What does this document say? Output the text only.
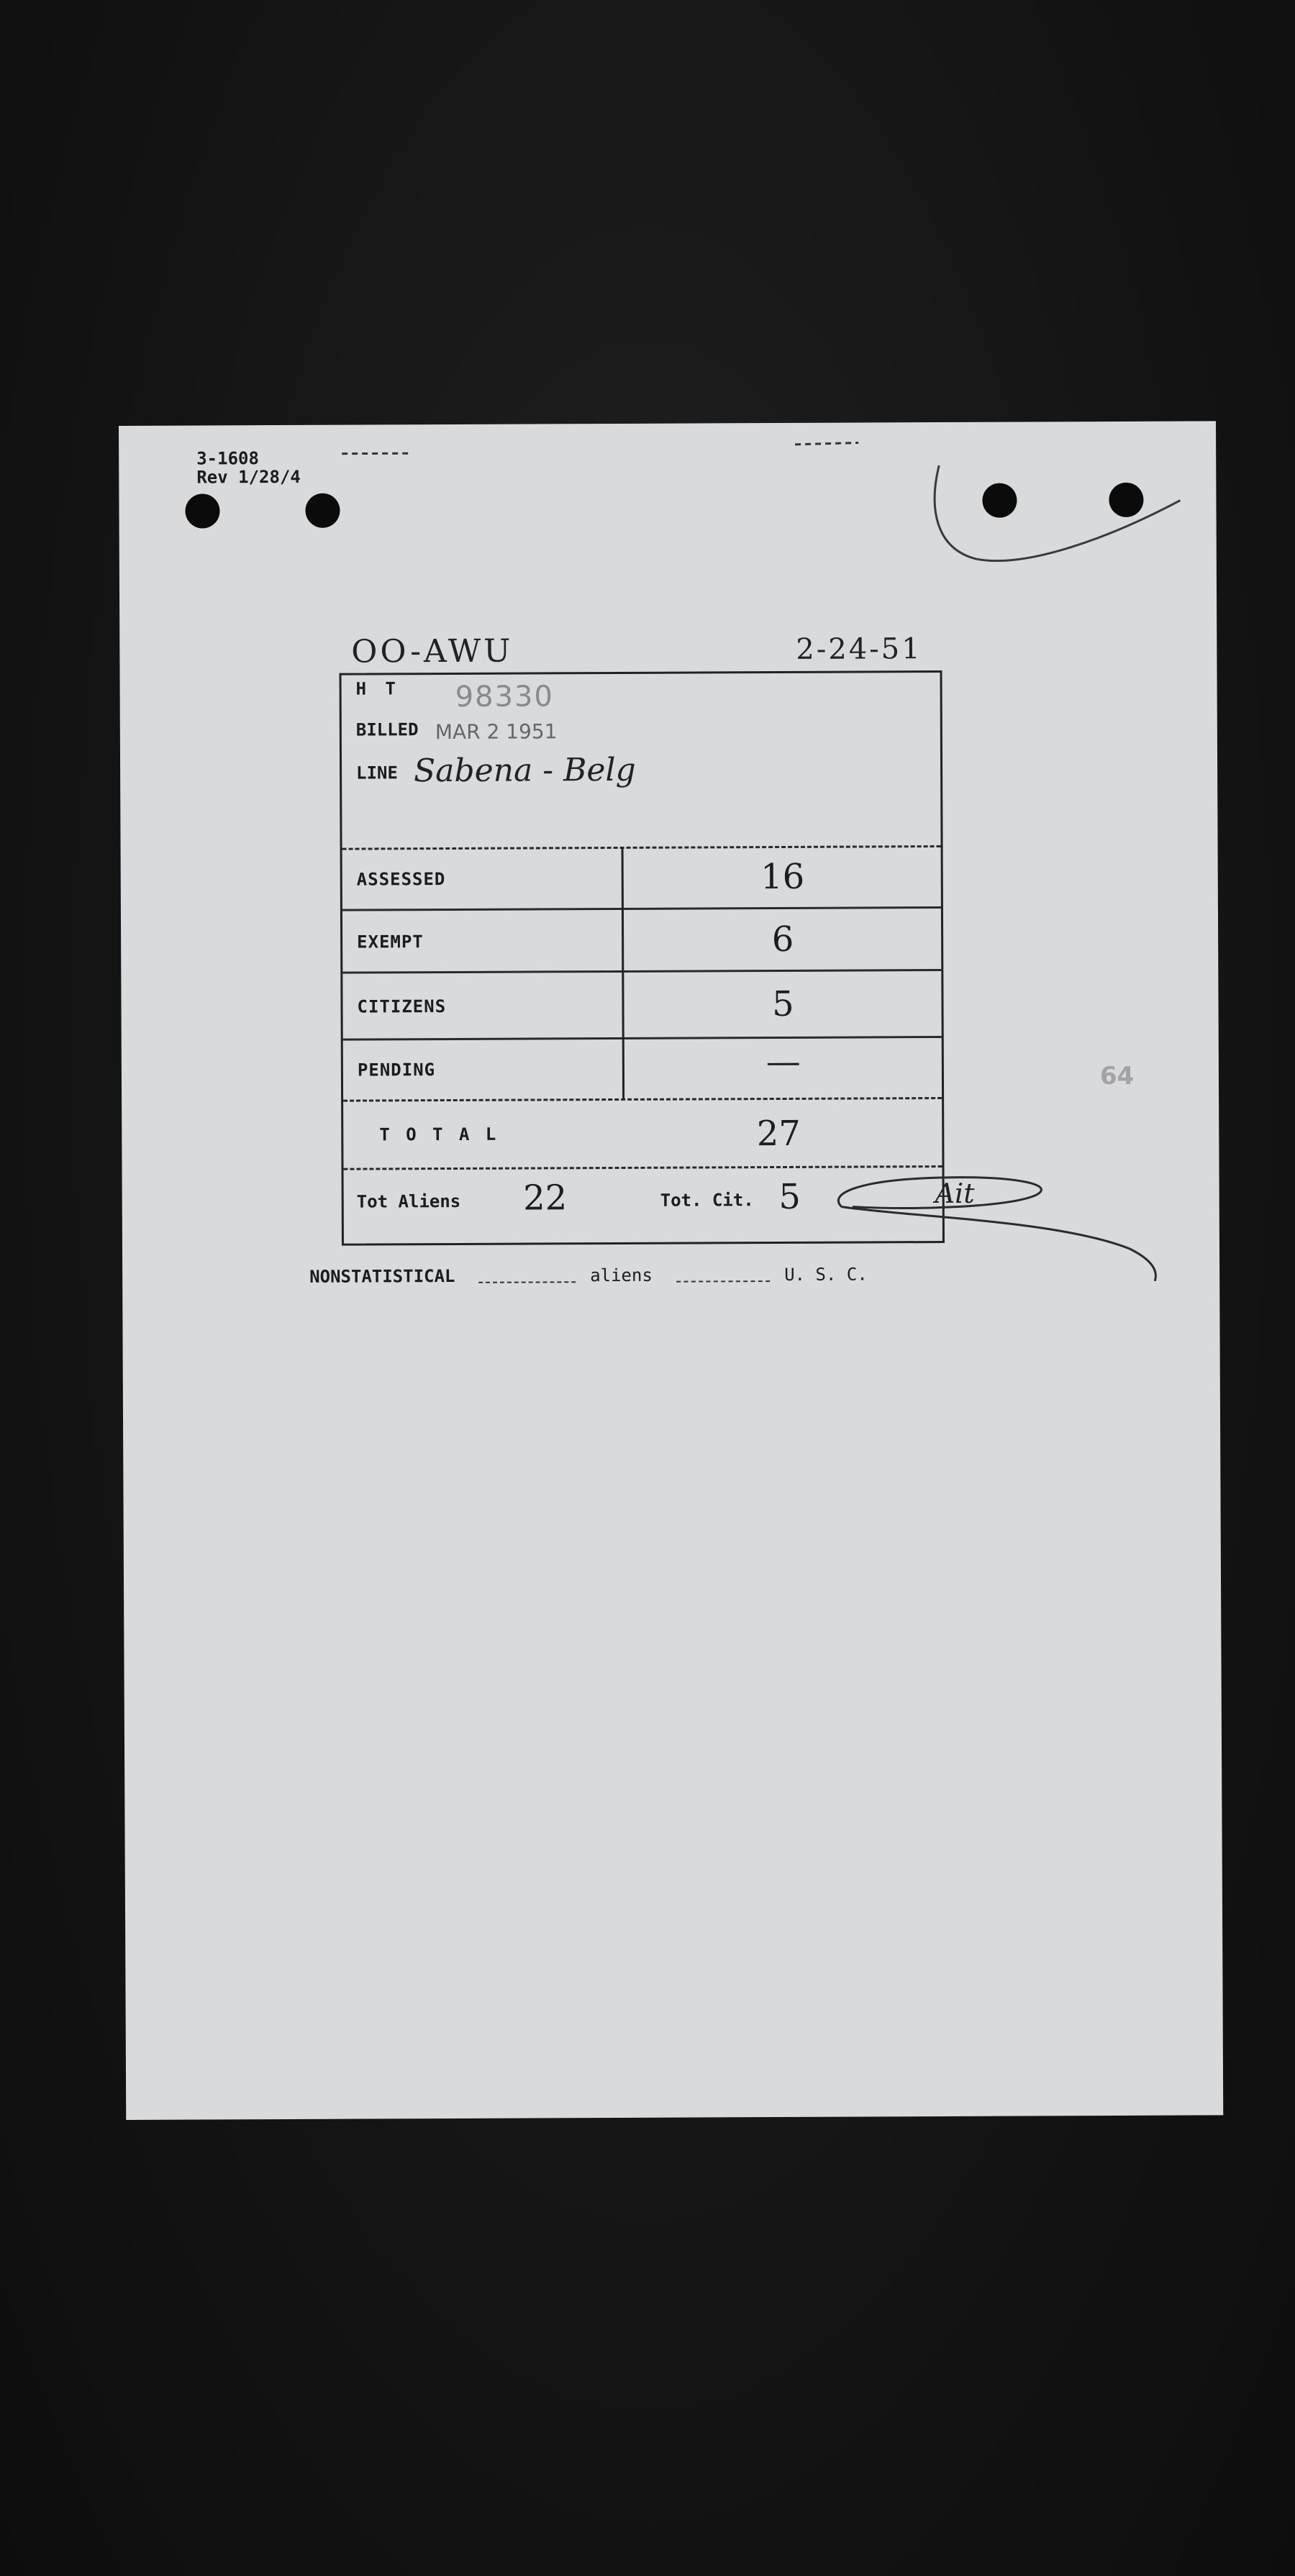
3-1608
Rev 1/28/4
OO-AWU	2-24-51
H T 98330
BILLED MAR 2 1951
LINE Sabena - Belg
ASSESSED	16
EXEMPT	6
CITIZENS	5
PENDING	—
T O T A L	27
Tot Aliens	22	Tot. Cit. 5	Ait
NONSTATISTICAL	aliens	U. S. C.
64
